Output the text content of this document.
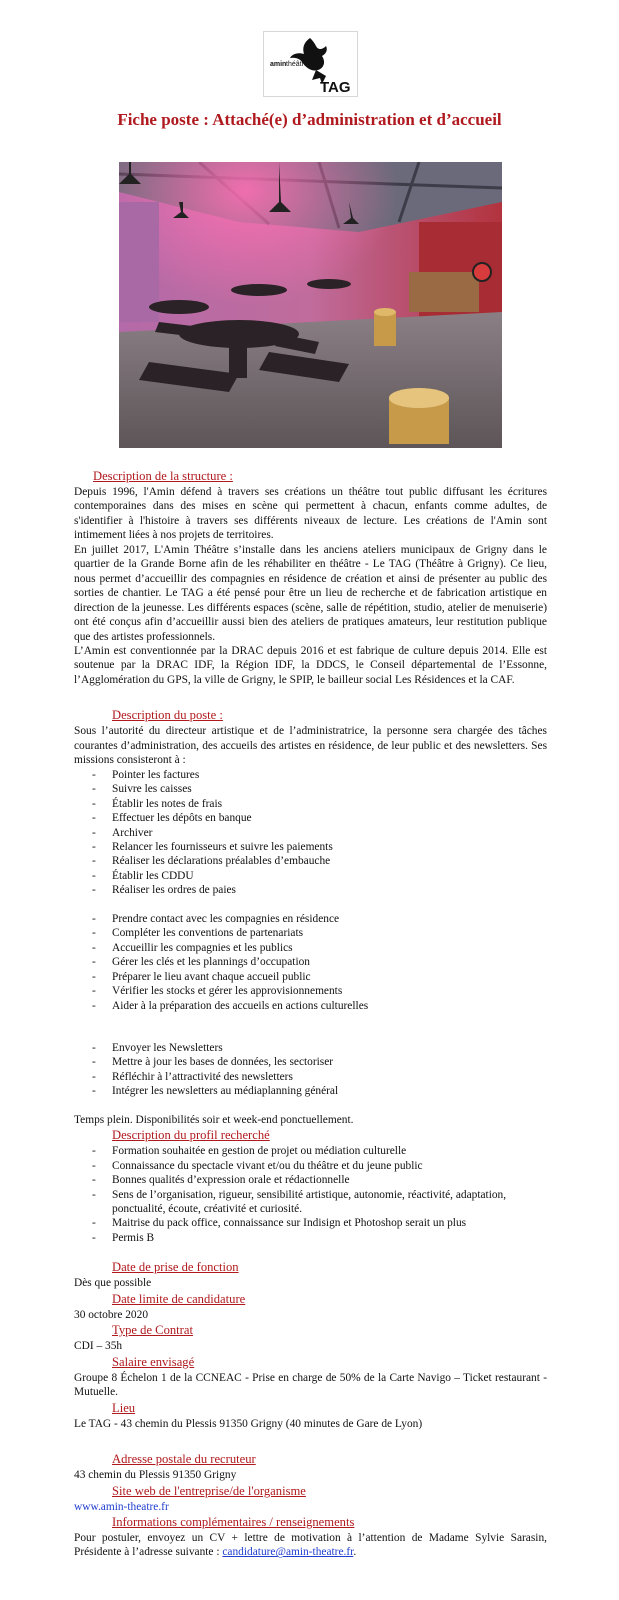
amin théâtre
TAG
Fiche poste : Attaché(e) d’administration et d’accueil
Description de la structure :

Depuis 1996, l'Amin défend à travers ses créations un théâtre tout public diffusant les écritures contemporaines dans des mises en scène qui permettent à chacun, enfants comme adultes, de s'identifier à l'histoire à travers ses différents niveaux de lecture. Les créations de l'Amin sont intimement liées à nos projets de territoires.

En juillet 2017, L'Amin Théâtre s’installe dans les anciens ateliers municipaux de Grigny dans le quartier de la Grande Borne afin de les réhabiliter en théâtre - Le TAG (Théâtre à Grigny). Ce lieu, nous permet d’accueillir des compagnies en résidence de création et ainsi de présenter au public des sorties de chantier. Le TAG a été pensé pour être un lieu de recherche et de fabrication artistique en direction de la jeunesse. Les différents espaces (scène, salle de répétition, studio, atelier de menuiserie) ont été conçus afin d’accueillir aussi bien des ateliers de pratiques amateurs, leur restitution publique que des artistes professionnels.

L’Amin est conventionnée par la DRAC depuis 2016 et est fabrique de culture depuis 2014. Elle est soutenue par la DRAC IDF, la Région IDF, la DDCS, le Conseil départemental de l’Essonne, l’Agglomération du GPS, la ville de Grigny, le SPIP, le bailleur social Les Résidences et la CAF.

Description du poste :

Sous l’autorité du directeur artistique et de l’administratrice, la personne sera chargée des tâches courantes d’administration, des accueils des artistes en résidence, de leur public et des newsletters. Ses missions consisteront à :

- Pointer les factures
- Suivre les caisses
- Établir les notes de frais
- Effectuer les dépôts en banque
- Archiver
- Relancer les fournisseurs et suivre les paiements
- Réaliser les déclarations préalables d’embauche
- Établir les CDDU
- Réaliser les ordres de paies
- Prendre contact avec les compagnies en résidence
- Compléter les conventions de partenariats
- Accueillir les compagnies et les publics
- Gérer les clés et les plannings d’occupation
- Préparer le lieu avant chaque accueil public
- Vérifier les stocks et gérer les approvisionnements
- Aider à la préparation des accueils en actions culturelles
- Envoyer les Newsletters
- Mettre à jour les bases de données, les sectoriser
- Réfléchir à l’attractivité des newsletters
- Intégrer les newsletters au médiaplanning général

Temps plein. Disponibilités soir et week-end ponctuellement.

Description du profil recherché
- Formation souhaitée en gestion de projet ou médiation culturelle
- Connaissance du spectacle vivant et/ou du théâtre et du jeune public
- Bonnes qualités d’expression orale et rédactionnelle
- Sens de l’organisation, rigueur, sensibilité artistique, autonomie, réactivité, adaptation, ponctualité, écoute, créativité et curiosité.
- Maitrise du pack office, connaissance sur Indisign et Photoshop serait un plus
- Permis B
Date de prise de fonction

Dès que possible

Date limite de candidature

30 octobre 2020

Type de Contrat

CDI – 35h

Salaire envisagé

Groupe 8 Échelon 1 de la CCNEAC - Prise en charge de 50% de la Carte Navigo – Ticket restaurant - Mutuelle.

Lieu

Le TAG - 43 chemin du Plessis 91350 Grigny (40 minutes de Gare de Lyon)

Adresse postale du recruteur

43 chemin du Plessis 91350 Grigny

Site web de l'entreprise/de l'organisme

www.amin-theatre.fr

Informations complémentaires / renseignements

Pour postuler, envoyez un CV + lettre de motivation à l’attention de Madame Sylvie Sarasin, Présidente à l’adresse suivante : candidature@amin-theatre.fr.
